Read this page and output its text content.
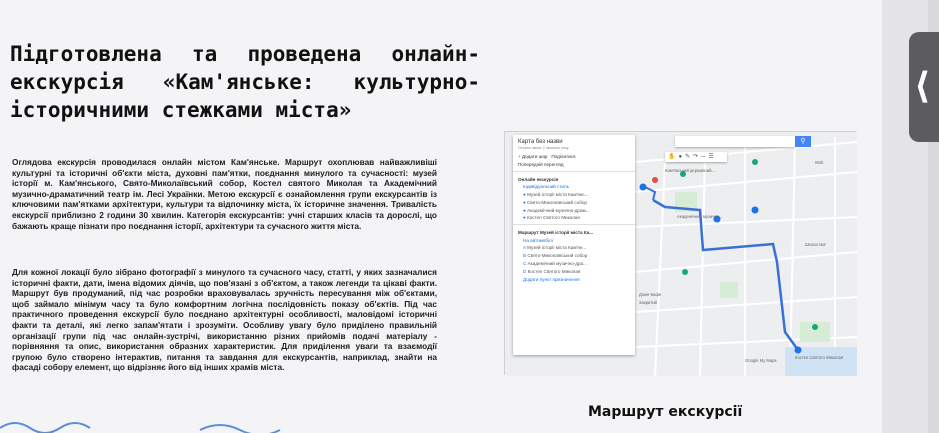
Підготовлена та проведена онлайн-екскурсія «Кам'янське: культурно-історичними стежками міста»
Оглядова екскурсія проводилася онлайн містом Кам'янське. Маршрут охоплював найважливіші культурні та історичні об'єкти міста, духовні пам'ятки, поєднання минулого та сучасності: музей історії м. Кам'янського, Свято-Миколаївський собор, Костел святого Миколая та Академічний музично-драматичний театр ім. Лесі Українки. Метою екскурсії є ознайомлення групи екскурсантів із ключовими пам'ятками архітектури, культури та відпочинку міста, їх історичне значення. Тривалість екскурсії приблизно 2 години 30 хвилин. Категорія екскурсантів: учні старших класів та дорослі, що бажають краще пізнати про поєднання історії, архітектури та сучасного життя міста.
Для кожної локації було зібрано фотографії з минулого та сучасного часу, статті, у яких зазначалися історичні факти, дати, імена відомих діячів, що пов'язані з об'єктом, а також легенди та цікаві факти. Маршрут був продуманий, під час розробки враховувалась зручність пересування між об'єктами, щоб займало мінімум часу та було комфортним логічна послідовність показу об'єктів. Під час практичного проведення екскурсії було поєднано архітектурні особливості, маловідомі історичні факти та деталі, які легко запам'ятати і зрозуміти. Особливу увагу було приділено правильній організації групи під час онлайн-зустрічі, використанню різних прийомів подачі матеріалу - порівняння та опис, використання образних характеристик. Для приділення уваги та взаємодії групою було створено інтерактив, питання та завдання для екскурсантів, наприклад, знайти на фасаді собору елемент, що відрізняє його від інших храмів міста.
⚲
✋●✎↷─☰
Кам'янський державний...
Wolt
Академічний музично...
Школа №2
Доже-Кафе
Закритий
Костел Святого Миколая
Google My Maps
Карта без назви
Останні зміни: 2 хвилини тому
+ Додати шар Поділитися
Попередній перегляд
Онлайн екскурсія
Індивідуальний стиль
● Музей історії міста Кам'янс...
● Свято-Миколаївський собор
● Академічний музично-драм...
● Костел Святого Миколая
Маршрут Музей історії міста Ка...
На автомобілі
A Музей історії міста Кам'ян...
B Свято-Миколаївський собор
C Академічний музично-дра...
D Костел Святого Миколая
Додати пункт призначення
Маршрут екскурсії
⟨
